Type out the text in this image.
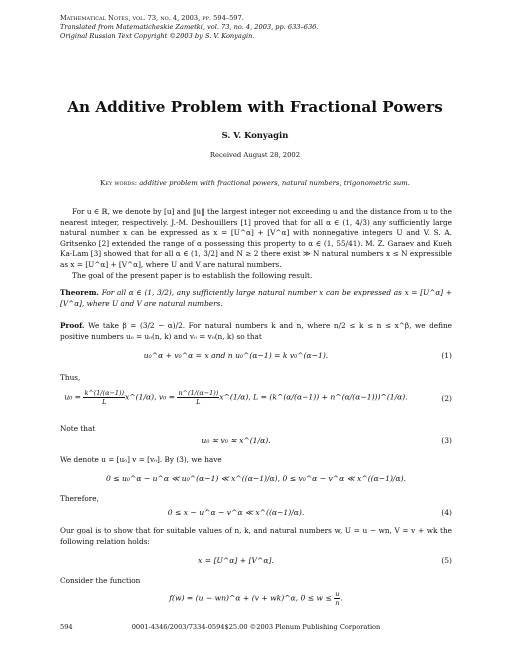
Mathematical Notes, vol. 73, no. 4, 2003, pp. 594–597.
Translated from Matematicheskie Zametki, vol. 73, no. 4, 2003, pp. 633–636.
Original Russian Text Copyright ©2003 by S. V. Konyagin.
An Additive Problem with Fractional Powers
S. V. Konyagin
Received August 28, 2002
Key words: additive problem with fractional powers, natural numbers, trigonometric sum.
For u ∈ ℝ, we denote by [u] and ‖u‖ the largest integer not exceeding u and the distance from u to the nearest integer, respectively. J.-M. Deshouillers [1] proved that for all α ∈ (1, 4/3) any sufficiently large natural number x can be expressed as x = [U^α] + [V^α] with nonnegative integers U and V. S. A. Gritsenko [2] extended the range of α possessing this property to α ∈ (1, 55/41). M. Z. Garaev and Kueh Ka-Lam [3] showed that for all α ∈ (1, 3/2] and N ≥ 2 there exist ≫ N natural numbers x ≤ N expressible as x = [U^α] + [V^α], where U and V are natural numbers.
The goal of the present paper is to establish the following result.
Theorem. For all α ∈ (1, 3/2), any sufficiently large natural number x can be expressed as x = [U^α] + [V^α], where U and V are natural numbers.
Proof. We take β = (3/2 − α)/2. For natural numbers k and n, where n/2 ≤ k ≤ n ≤ x^β, we define positive numbers u₀ = u₀(n, k) and v₀ = v₀(n, k) so that
u₀^α + v₀^α = x and n u₀^(α−1) = k v₀^(α−1).	(1)
Thus,
$u_0 = \frac{k\^{}(1/(\alpha-1))}{L}$ x^(1/α), $v_0 = \frac{n\^{}(1/(\alpha-1))}{L}$ x^(1/α), L = (k^(α/(α−1)) + n^(α/(α−1)))^(1/α).	(2)
Note that
u₀ ≍ v₀ ≍ x^(1/α).	(3)
We denote u = [u₀] v = [v₀]. By (3), we have
0 ≤ u₀^α − u^α ≪ u₀^(α−1) ≪ x^((α−1)/α), 0 ≤ v₀^α − v^α ≪ x^((α−1)/α).
Therefore,
0 ≤ x − u^α − v^α ≪ x^((α−1)/α).	(4)
Our goal is to show that for suitable values of n, k, and natural numbers w, U = u − wn, V = v + wk the following relation holds:
x = [U^α] + [V^α].	(5)
Consider the function
f(w) = (u − wn)^α + (v + wk)^α, $0 \le w \le \frac{u}{n}$ .
594	0001-4346/2003/7334-0594$25.00 ©2003 Plenum Publishing Corporation
